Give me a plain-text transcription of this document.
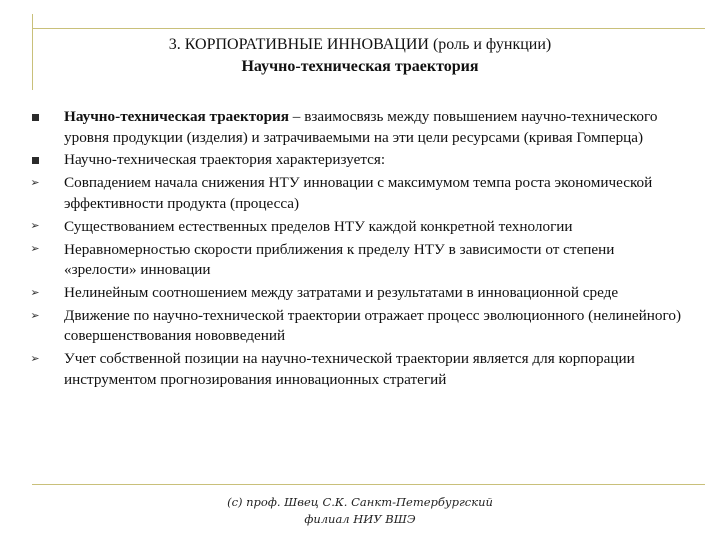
3. КОРПОРАТИВНЫЕ ИННОВАЦИИ (роль и функции)
Научно-техническая траектория
Научно-техническая траектория – взаимосвязь между повышением научно-технического уровня продукции (изделия) и затрачиваемыми на эти цели ресурсами (кривая Гомперца)
Научно-техническая траектория характеризуется:
➢ Совпадением начала снижения НТУ инновации с максимумом темпа роста экономической эффективности продукта (процесса)
➢ Существованием естественных пределов НТУ каждой конкретной технологии
➢ Неравномерностью скорости приближения к пределу НТУ в зависимости от степени «зрелости» инновации
➢ Нелинейным соотношением между затратами и результатами в инновационной среде
➢ Движение по научно-технической траектории отражает процесс эволюционного (нелинейного) совершенствования нововведений
➢ Учет собственной позиции на научно-технической траектории является для корпорации инструментом прогнозирования инновационных стратегий
(с) проф. Швец С.К. Санкт-Петербургский
филиал НИУ ВШЭ
